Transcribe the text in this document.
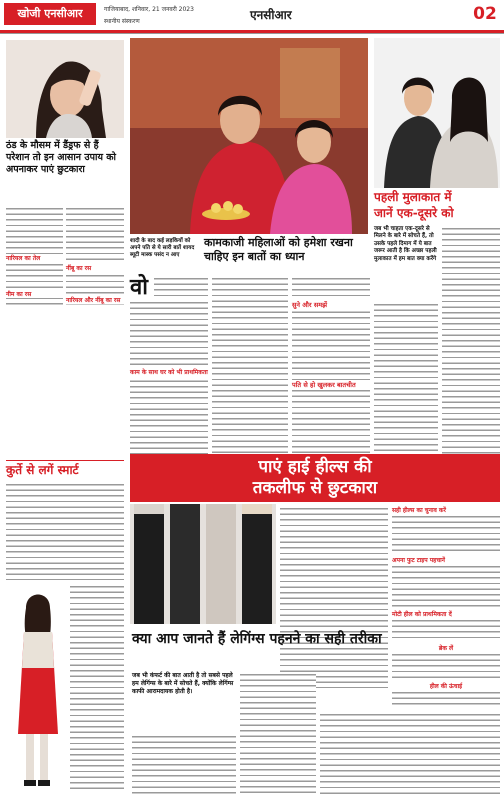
खोजी एनसीआर	गाजियाबाद, शनिवार, 21 जनवरी 2023
स्थानीय संस्करण	एनसीआर	02
ठंड के मौसम में डैंड्रफ से हैं परेशान तो इन आसान उपाय को अपनाकर पाएं छुटकारा
नीम का रस
नींबू का रस
नारियल और नींबू का रस
नारियल का तेल
शादी के बाद कई लड़कियों को अपने पति से ये सारी बातें शायद ब्यूटी मास्क पसंद न आए
कामकाजी महिलाओं को हमेशा रखना चाहिए इन बातों का ध्यान
वो
काम के साथ घर को भी प्राथमिकता
सुने और समझें
पति से हो खुलकर बातचीत
पहली मुलाकात में
जानें एक-दूसरे को
जब भी चाहता एक-दूसरे से मिलने के बारे में सोचते हैं, तो उसके पहले दिमाग में ये बात जरूर आती है कि अच्छा पहली मुलाकात में हम बात क्या करेंगे
कुर्ते से लगें स्मार्ट	पाएं हाई हील्स की
तकलीफ से छुटकारा
सही हील्स का चुनाव करें
अपना फुट टाइप पहचानें
मोटी हील को प्राथमिकता दें
ब्रेक लें
हील की ऊंचाई
क्या आप जानते हैं लेगिंग्स पहनने का सही तरीका
जब भी कंफर्ट की बात आती है तो सबसे पहले हम लेगिंग्स के बारे में सोचते हैं, क्योंकि लेगिंग्स काफी आरामदायक होती है।
